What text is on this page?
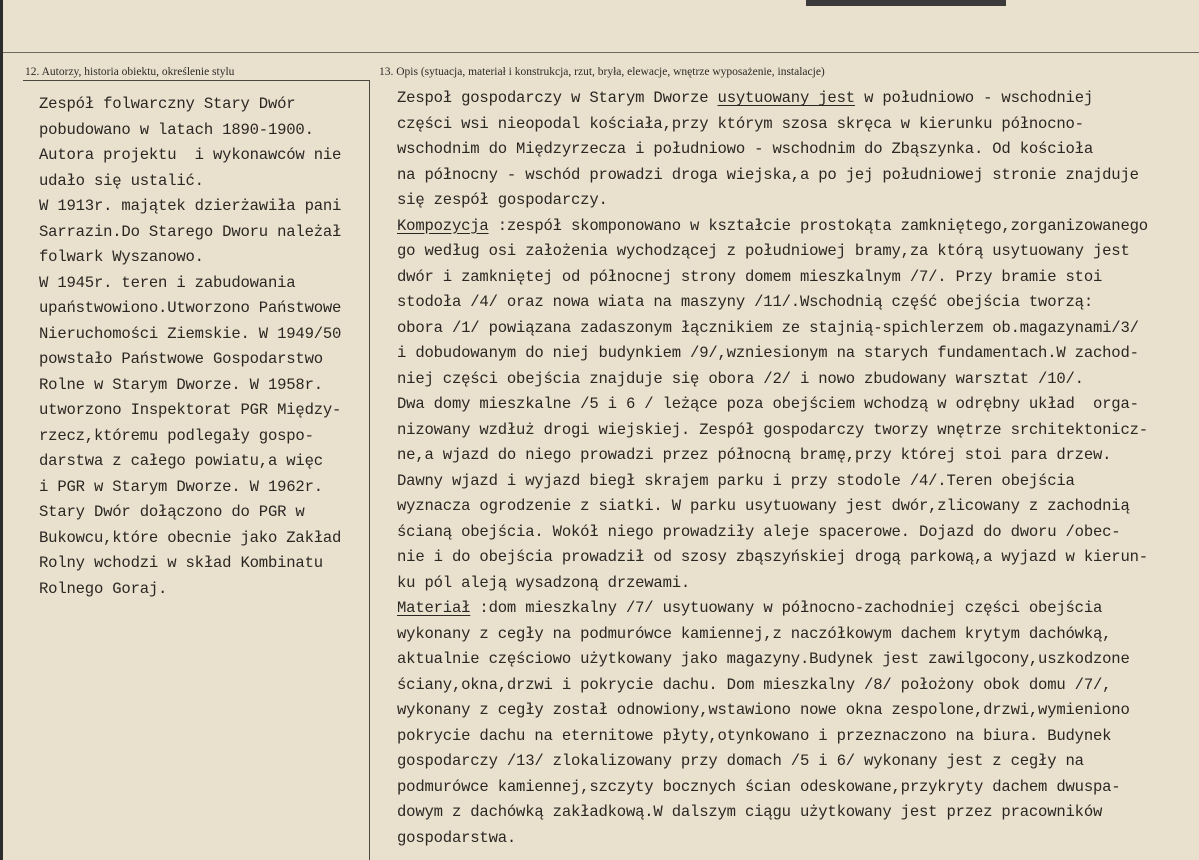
12. Autorzy, historia obiektu, określenie stylu	13. Opis (sytuacja, materiał i konstrukcja, rzut, bryła, elewacje, wnętrze wyposażenie, instalacje)
Zespół folwarczny Stary Dwór
pobudowano w latach 1890-1900.
Autora projektu  i wykonawców nie
udało się ustalić.
W 1913r. majątek dzierżawiła pani
Sarrazin.Do Starego Dworu należał
folwark Wyszanowo.
W 1945r. teren i zabudowania
upaństwowiono.Utworzono Państwowe
Nieruchomości Ziemskie. W 1949/50
powstało Państwowe Gospodarstwo
Rolne w Starym Dworze. W 1958r.
utworzono Inspektorat PGR Między-
rzecz,któremu podlegały gospo-
darstwa z całego powiatu,a więc
i PGR w Starym Dworze. W 1962r.
Stary Dwór dołączono do PGR w
Bukowcu,które obecnie jako Zakład
Rolny wchodzi w skład Kombinatu
Rolnego Goraj.
Zespoł gospodarczy w Starym Dworze usytuowany jest w południowo - wschodniej
części wsi nieopodal kościała,przy którym szosa skręca w kierunku północno-
wschodnim do Międzyrzecza i południowo - wschodnim do Zbąszynka. Od kościoła
na północny - wschód prowadzi droga wiejska,a po jej południowej stronie znajduje
się zespół gospodarczy.
Kompozycja :zespół skomponowano w kształcie prostokąta zamkniętego,zorganizowanego
go według osi założenia wychodzącej z południowej bramy,za którą usytuowany jest
dwór i zamkniętej od północnej strony domem mieszkalnym /7/. Przy bramie stoi
stodoła /4/ oraz nowa wiata na maszyny /11/.Wschodnią część obejścia tworzą:
obora /1/ powiązana zadaszonym łącznikiem ze stajnią-spichlerzem ob.magazynami/3/
i dobudowanym do niej budynkiem /9/,wzniesionym na starych fundamentach.W zachod-
niej części obejścia znajduje się obora /2/ i nowo zbudowany warsztat /10/.
Dwa domy mieszkalne /5 i 6 / leżące poza obejściem wchodzą w odrębny układ  orga-
nizowany wzdłuż drogi wiejskiej. Zespół gospodarczy tworzy wnętrze srchitektonicz-
ne,a wjazd do niego prowadzi przez północną bramę,przy której stoi para drzew.
Dawny wjazd i wyjazd biegł skrajem parku i przy stodole /4/.Teren obejścia
wyznacza ogrodzenie z siatki. W parku usytuowany jest dwór,zlicowany z zachodnią
ścianą obejścia. Wokół niego prowadziły aleje spacerowe. Dojazd do dworu /obec-
nie i do obejścia prowadził od szosy zbąszyńskiej drogą parkową,a wyjazd w kierun-
ku pól aleją wysadzoną drzewami.
Materiał :dom mieszkalny /7/ usytuowany w północno-zachodniej części obejścia
wykonany z cegły na podmurówce kamiennej,z naczółkowym dachem krytym dachówką,
aktualnie częściowo użytkowany jako magazyny.Budynek jest zawilgocony,uszkodzone
ściany,okna,drzwi i pokrycie dachu. Dom mieszkalny /8/ położony obok domu /7/,
wykonany z cegły został odnowiony,wstawiono nowe okna zespolone,drzwi,wymieniono
pokrycie dachu na eternitowe płyty,otynkowano i przeznaczono na biura. Budynek
gospodarczy /13/ zlokalizowany przy domach /5 i 6/ wykonany jest z cegły na
podmurówce kamiennej,szczyty bocznych ścian odeskowane,przykryty dachem dwuspa-
dowym z dachówką zakładkową.W dalszym ciągu użytkowany jest przez pracowników
gospodarstwa.
